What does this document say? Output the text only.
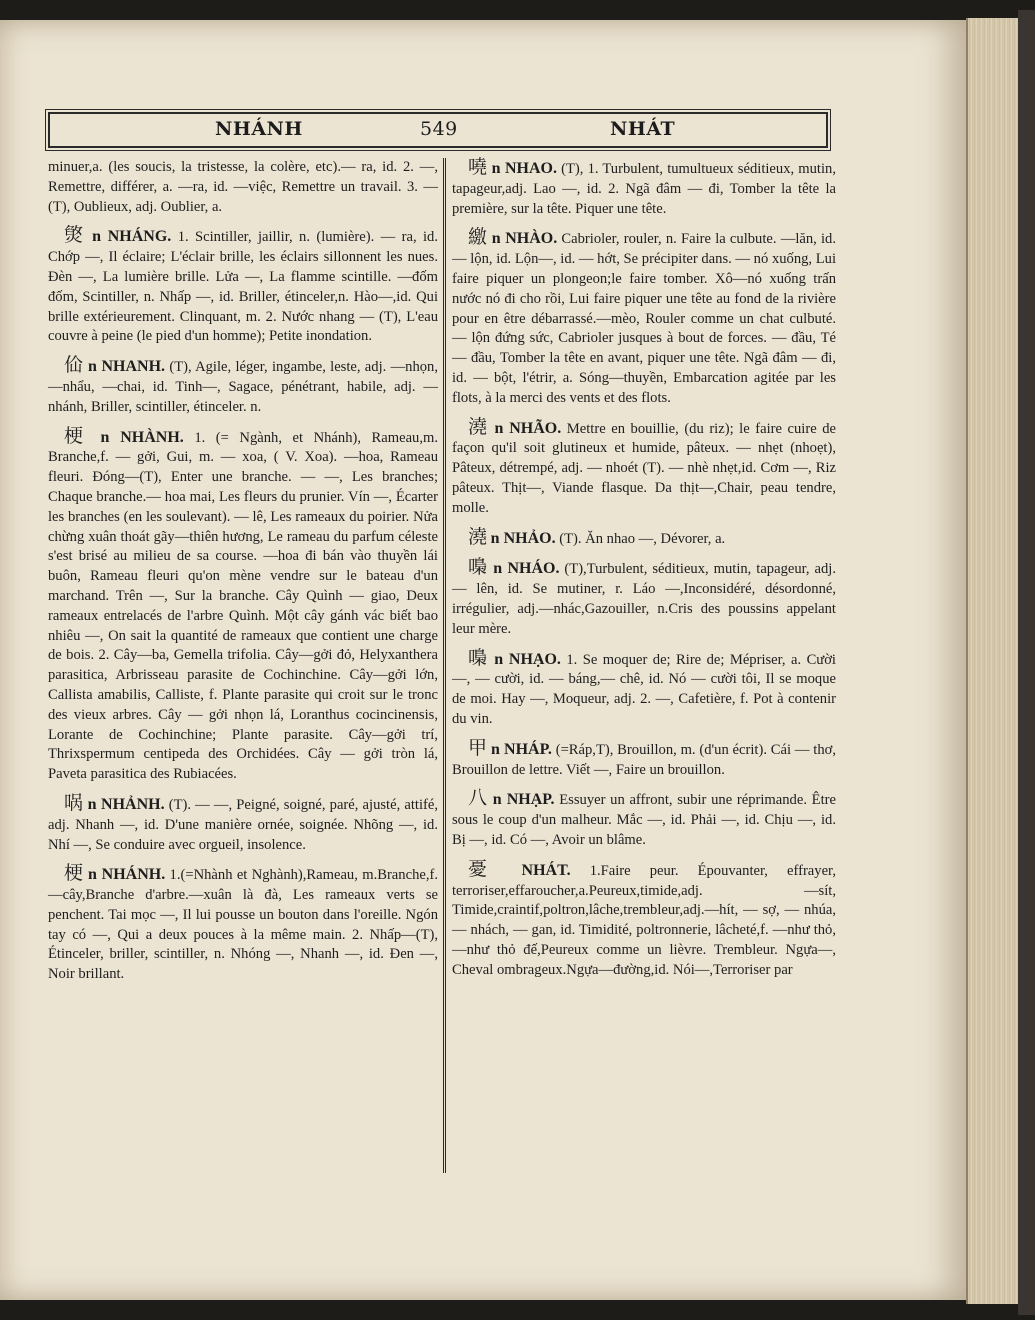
NHÁNH	549	NHÁT

minuer,a. (les soucis, la tristesse, la colère, etc).— ra, id. 2. —, Remettre, différer, a. —ra, id. —việc, Remettre un travail. 3. — (T), Oublieux, adj. Oublier, a.

㷺 n NHÁNG. 1. Scintiller, jaillir, n. (lumière). — ra, id. Chớp —, Il éclaire; L'éclair brille, les éclairs sillonnent les nues. Đèn —, La lumière brille. Lửa —, La flamme scintille. —đốm đốm, Scintiller, n. Nhấp —, id. Briller, étinceler,n. Hào—,id. Qui brille extérieurement. Clinquant, m. 2. Nước nhang — (T), L'eau couvre à peine (le pied d'un homme); Petite inondation.

佡 n NHANH. (T), Agile, léger, ingambe, leste, adj. —nhọn, —nhẩu, —chai, id. Tinh—, Sagace, pénétrant, habile, adj. — nhánh, Briller, scintiller, étinceler. n.

梗 n NHÀNH. 1. (= Ngành, et Nhánh), Rameau,m. Branche,f. — gởi, Gui, m. — xoa, ( V. Xoa). —hoa, Rameau fleuri. Đóng—(T), Enter une branche. — —, Les branches; Chaque branche.— hoa mai, Les fleurs du prunier. Vín —, Écarter les branches (en les soulevant). — lê, Les rameaux du poirier. Nửa chừng xuân thoát gãy—thiên hương, Le rameau du parfum céleste s'est brisé au milieu de sa course. —hoa đi bán vào thuyền lái buôn, Rameau fleuri qu'on mène vendre sur le bateau d'un marchand. Trên —, Sur la branche. Cây Quình — giao, Deux rameaux entrelacés de l'arbre Quình. Một cây gánh vác biết bao nhiêu —, On sait la quantité de rameaux que contient une charge de bois. 2. Cây—ba, Gemella trifolia. Cây—gởi đỏ, Helyxanthera parasitica, Arbrisseau parasite de Cochinchine. Cây—gởi lớn, Callista amabilis, Calliste, f. Plante parasite qui croit sur le tronc des vieux arbres. Cây — gởi nhọn lá, Loranthus cocincinensis, Lorante de Cochinchine; Plante parasite. Cây—gởi trí, Thrixspermum centipeda des Orchidées. Cây — gởi tròn lá, Paveta parasitica des Rubiacées.

㖞 n NHẢNH. (T). — —, Peigné, soigné, paré, ajusté, attifé, adj. Nhanh —, id. D'une manière ornée, soignée. Nhõng —, id. Nhí —, Se conduire avec orgueil, insolence.

梗 n NHÁNH. 1.(=Nhành et Nghành),Rameau, m.Branche,f.—cây,Branche d'arbre.—xuân là đà, Les rameaux verts se penchent. Tai mọc —, Il lui pousse un bouton dans l'oreille. Ngón tay có —, Qui a deux pouces à la même main. 2. Nhấp—(T), Étinceler, briller, scintiller, n. Nhóng —, Nhanh —, id. Đen —, Noir brillant.

嘵 n NHAO. (T), 1. Turbulent, tumultueux séditieux, mutin, tapageur,adj. Lao —, id. 2. Ngã đâm — đi, Tomber la tête la première, sur la tête. Piquer une tête.

繳 n NHÀO. Cabrioler, rouler, n. Faire la culbute. —lăn, id. — lộn, id. Lộn—, id. — hớt, Se précipiter dans. — nó xuống, Lui faire piquer un plongeon;le faire tomber. Xô—nó xuống trấn nước nó đi cho rồi, Lui faire piquer une tête au fond de la rivière pour en être débarrassé.—mèo, Rouler comme un chat culbuté. — lộn đứng sức, Cabrioler jusques à bout de forces. — đầu, Té — đầu, Tomber la tête en avant, piquer une tête. Ngã đâm — đi, id. — bột, l'étrir, a. Sóng—thuyền, Embarcation agitée par les flots, à la merci des vents et des flots.

澆 n NHÃO. Mettre en bouillie, (du riz); le faire cuire de façon qu'il soit glutineux et humide, pâteux. — nhẹt (nhoẹt), Pâteux, détrempé, adj. — nhoét (T). — nhè nhẹt,id. Cơm —, Riz pâteux. Thịt—, Viande flasque. Da thịt—,Chair, peau tendre, molle.

澆 n NHẢO. (T). Ăn nhao —, Dévorer, a.

嘄 n NHÁO. (T),Turbulent, séditieux, mutin, tapageur, adj. — lên, id. Se mutiner, r. Láo —,Inconsidéré, désordonné, irrégulier, adj.—nhác,Gazouiller, n.Cris des poussins appelant leur mère.

嘄 n NHẠO. 1. Se moquer de; Rire de; Mépriser, a. Cười —, — cười, id. — báng,— chê, id. Nó — cười tôi, Il se moque de moi. Hay —, Moqueur, adj. 2. —, Cafetière, f. Pot à contenir du vin.

甲 n NHÁP. (=Ráp,T), Brouillon, m. (d'un écrit). Cái — thơ, Brouillon de lettre. Viết —, Faire un brouillon.

八 n NHẠP. Essuyer un affront, subir une réprimande. Être sous le coup d'un malheur. Mắc —, id. Phải —, id. Chịu —, id. Bị —, id. Có —, Avoir un blâme.

憂 NHÁT. 1.Faire peur. Épouvanter, effrayer, terroriser,effaroucher,a.Peureux,timide,adj. —sít, Timide,craintif,poltron,lâche,trembleur,adj.—hít, — sợ, — nhúa, — nhách, — gan, id. Timidité, poltronnerie, lâcheté,f. —như thỏ, —như thỏ đế,Peureux comme un lièvre. Trembleur. Ngựa—, Cheval ombrageux.Ngựa—đường,id. Nói—,Terroriser par
